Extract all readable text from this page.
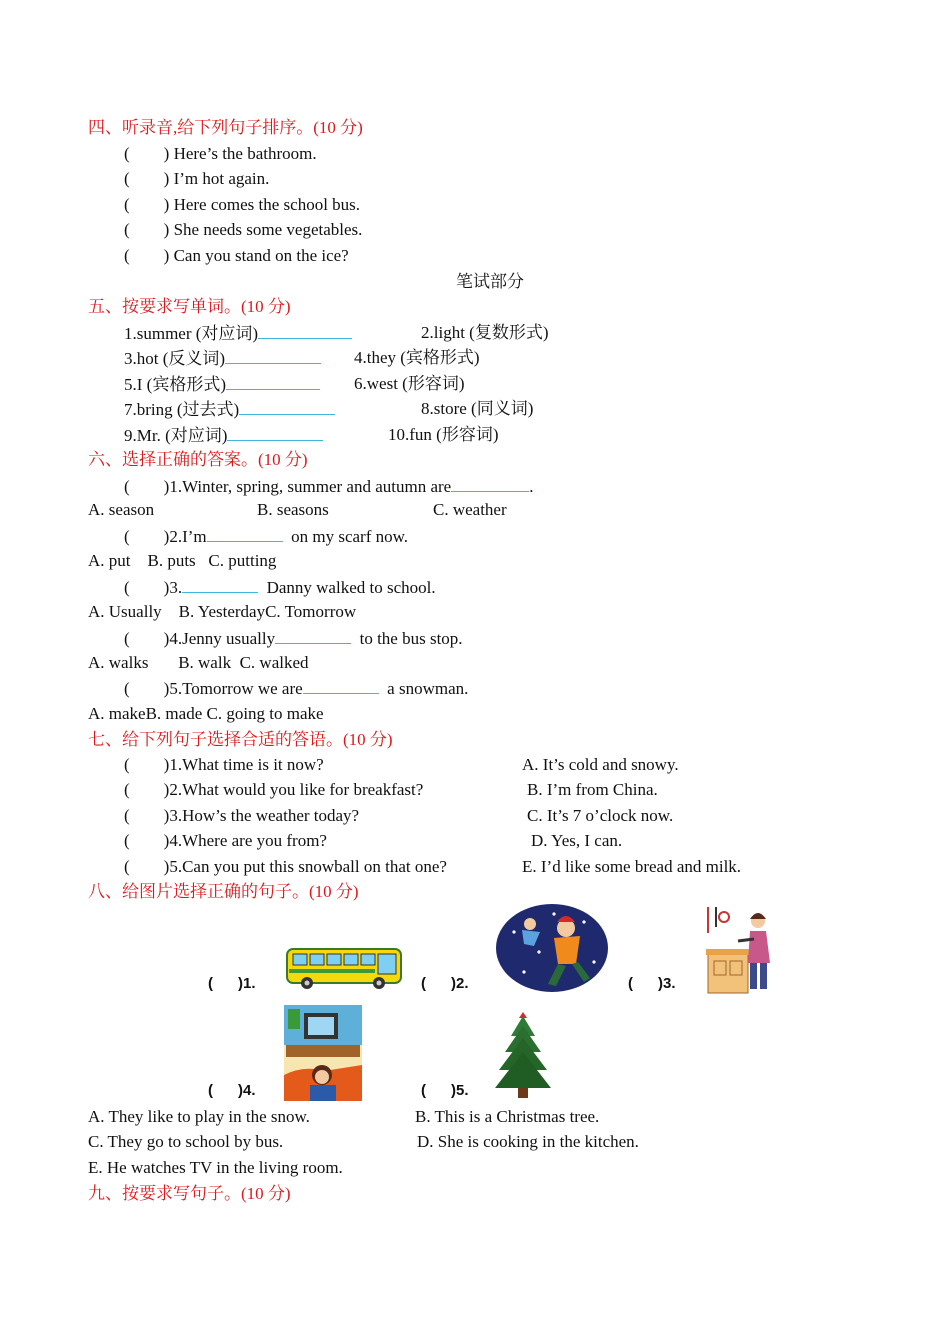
四、听录音,给下列句子排序。(10 分)
(        ) Here’s the bathroom.
(        ) I’m hot again.
(        ) Here comes the school bus.
(        ) She needs some vegetables.
(        ) Can you stand on the ice?
笔试部分
五、按要求写单词。(10 分)
1.summer (对应词)	2.light (复数形式)
3.hot (反义词)	4.they (宾格形式)
5.I (宾格形式)	6.west (形容词)
7.bring (过去式)	8.store (同义词)
9.Mr. (对应词)	10.fun (形容词)
六、选择正确的答案。(10 分)
(        )1.Winter, spring, summer and autumn are	.
A. season	B. seasons	C. weather
(        )2.I’m	on my scarf now.
A. put    B. puts   C. putting
(        )3.	Danny walked to school.
A. Usually    B. YesterdayC. Tomorrow
(        )4.Jenny usually	to the bus stop.
A. walks       B. walk  C. walked
(        )5.Tomorrow we are	a snowman.
A. makeB. made C. going to make
七、给下列句子选择合适的答语。(10 分)
(        )1.What time is it now?	A. It’s cold and snowy.
(        )2.What would you like for breakfast?	B. I’m from China.
(        )3.How’s the weather today?	C. It’s 7 o’clock now.
(        )4.Where are you from?	D. Yes, I can.
(        )5.Can you put this snowball on that one?	E. I’d like some bread and milk.
八、给图片选择正确的句子。(10 分)
(      )1.	(      )2.	(      )3.
(      )4.	(      )5.
A. They like to play in the snow.	B. This is a Christmas tree.
C. They go to school by bus.	D. She is cooking in the kitchen.
E. He watches TV in the living room.
九、按要求写句子。(10 分)
